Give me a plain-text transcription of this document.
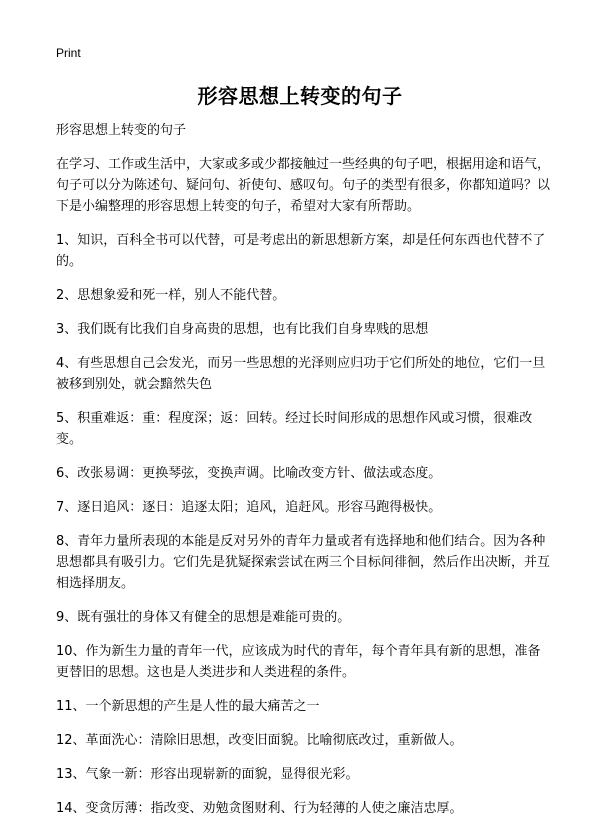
Print
形容思想上转变的句子

形容思想上转变的句子

在学习、工作或生活中，大家或多或少都接触过一些经典的句子吧，根据用途和语气，句子可以分为陈述句、疑问句、祈使句、感叹句。句子的类型有很多，你都知道吗？以下是小编整理的形容思想上转变的句子，希望对大家有所帮助。

1、知识，百科全书可以代替，可是考虑出的新思想新方案，却是任何东西也代替不了的。
2、思想象爱和死一样，别人不能代替。
3、我们既有比我们自身高贵的思想，也有比我们自身卑贱的思想
4、有些思想自己会发光，而另一些思想的光泽则应归功于它们所处的地位，它们一旦被移到别处，就会黯然失色
5、积重难返：重：程度深；返：回转。经过长时间形成的思想作风或习惯，很难改变。
6、改张易调：更换琴弦，变换声调。比喻改变方针、做法或态度。
7、逐日追风：逐日：追逐太阳；追风，追赶风。形容马跑得极快。
8、青年力量所表现的本能是反对另外的青年力量或者有选择地和他们结合。因为各种思想都具有吸引力。它们先是犹疑探索尝试在两三个目标间徘徊，然后作出决断，并互相选择朋友。
9、既有强壮的身体又有健全的思想是难能可贵的。
10、作为新生力量的青年一代，应该成为时代的青年，每个青年具有新的思想，准备更替旧的思想。这也是人类进步和人类进程的条件。
11、一个新思想的产生是人性的最大痛苦之一
12、革面洗心：清除旧思想，改变旧面貌。比喻彻底改过，重新做人。
13、气象一新：形容出现崭新的面貌，显得很光彩。
14、变贪厉薄：指改变、劝勉贪图财利、行为轻薄的人使之廉洁忠厚。
